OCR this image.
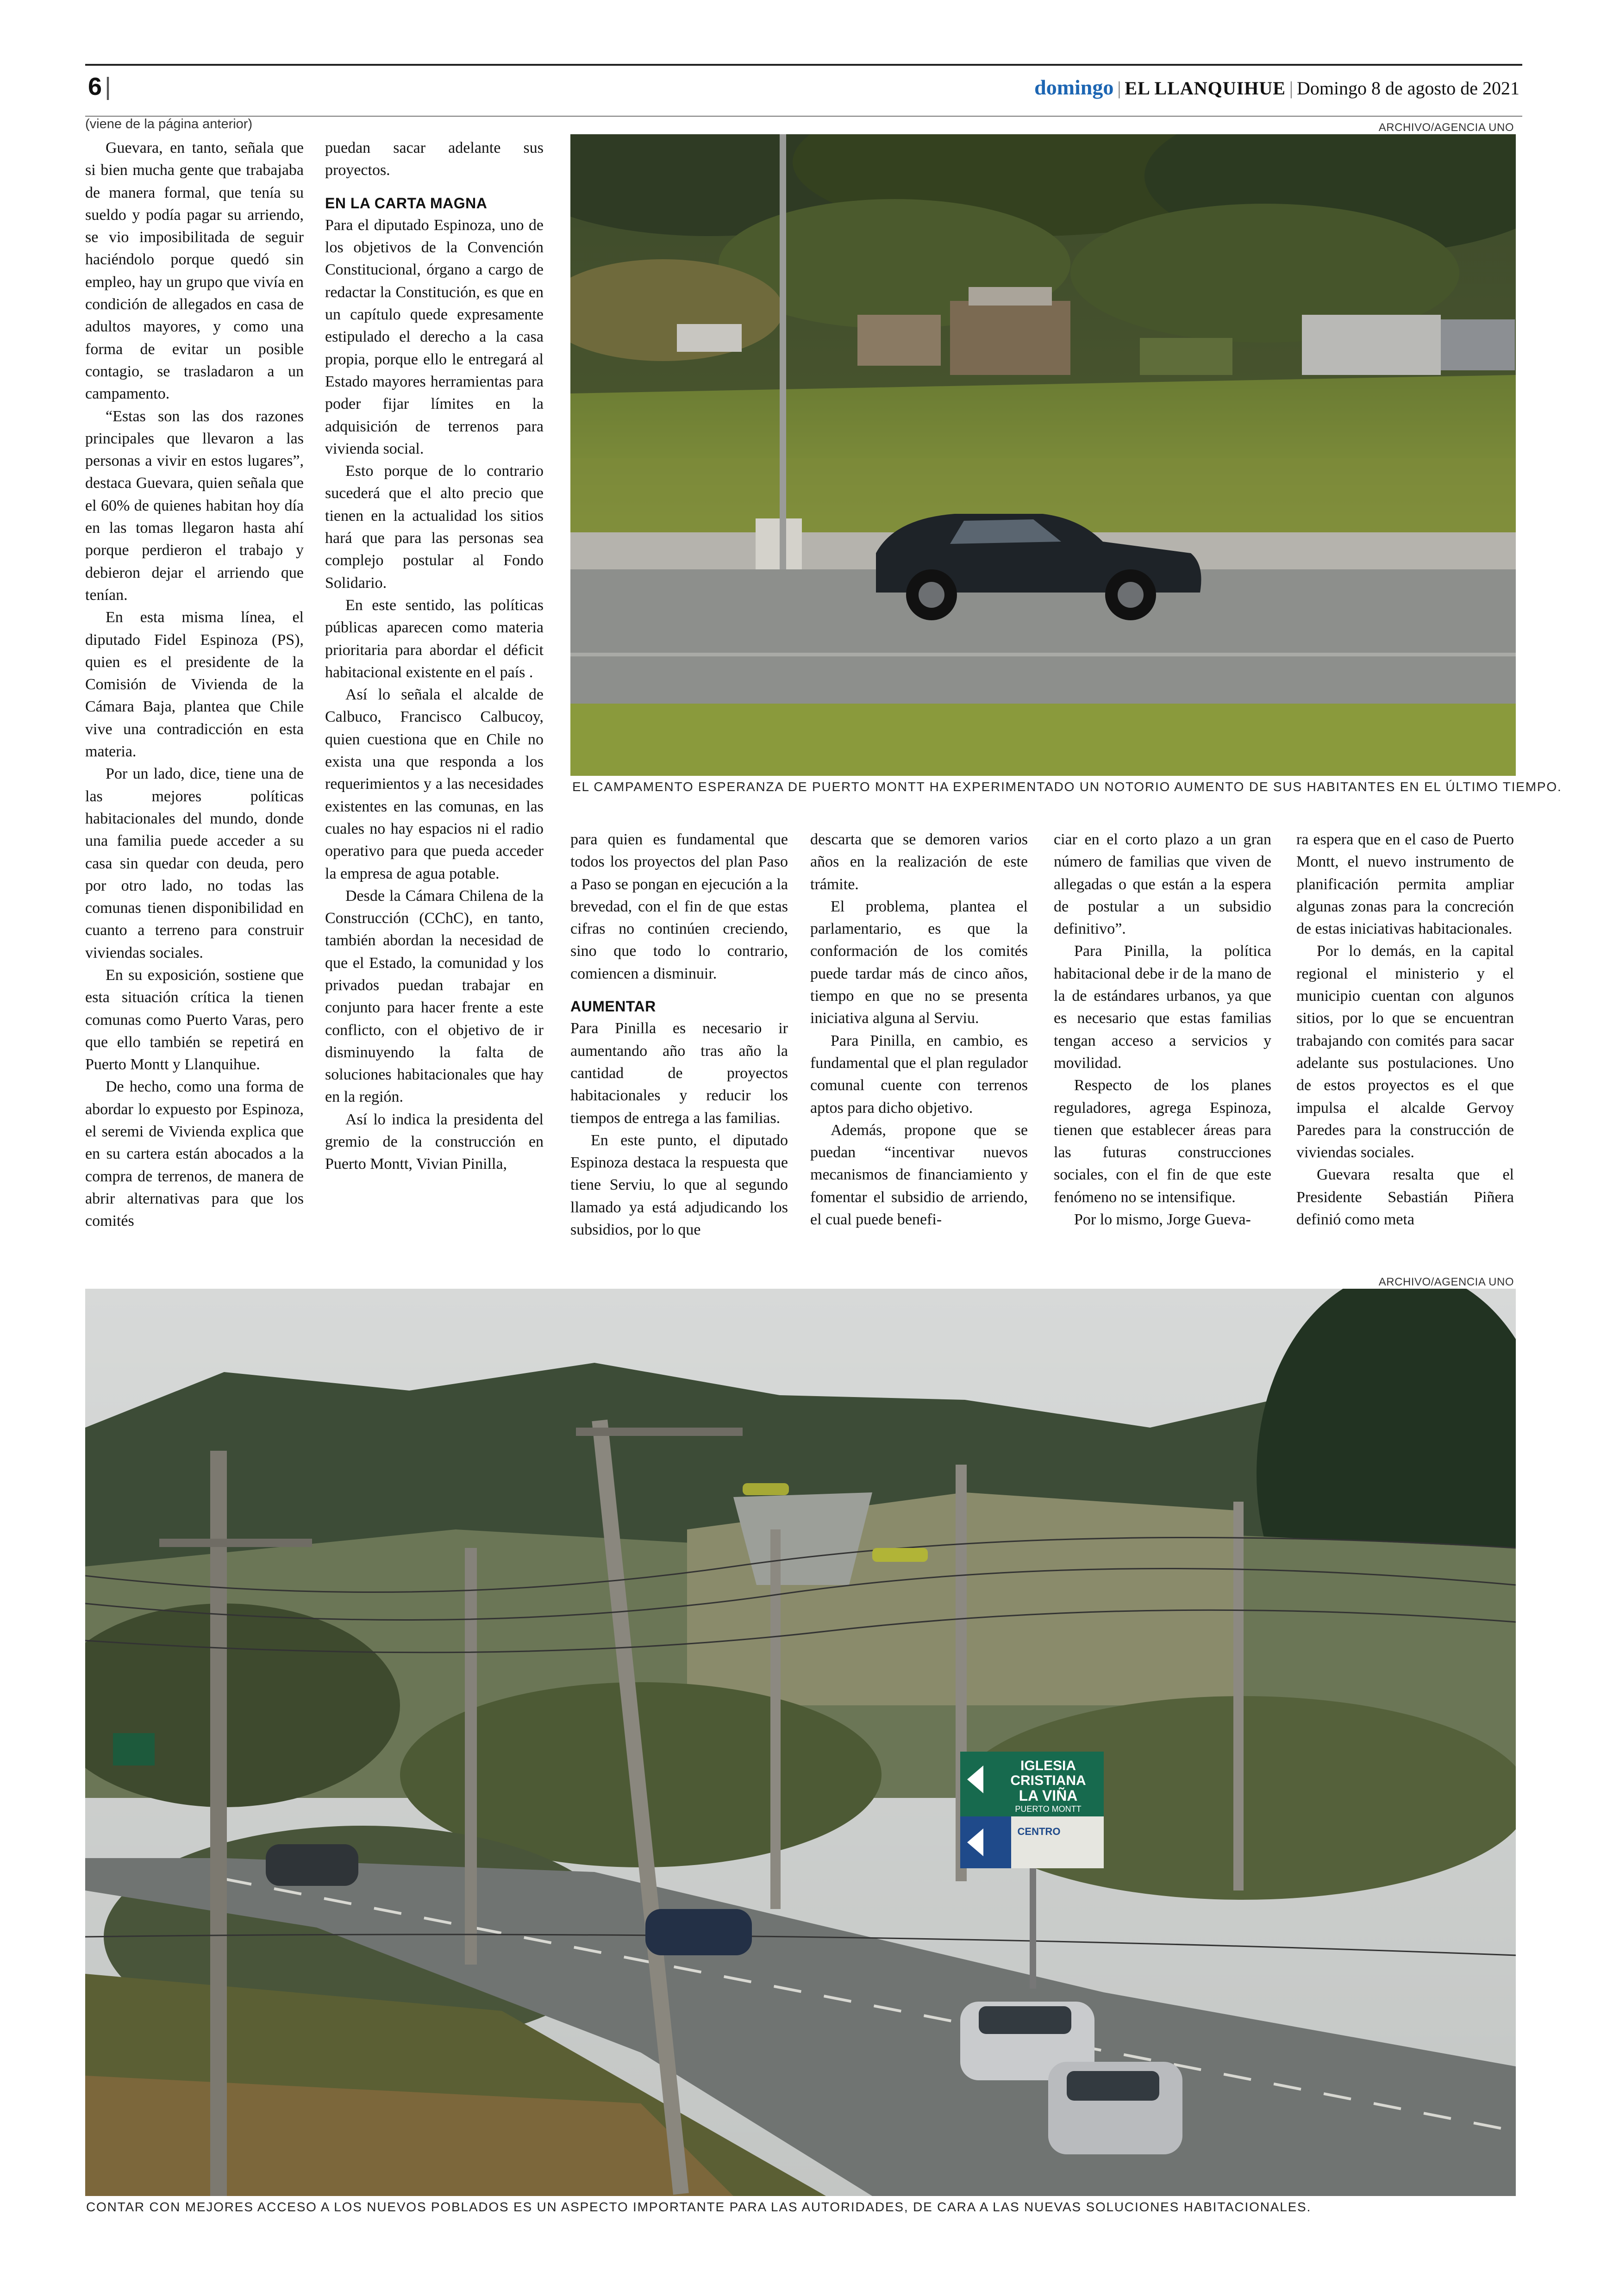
6 |	domingo | EL LLANQUIHUE | Domingo 8 de agosto de 2021
(viene de la página anterior)	ARCHIVO/AGENCIA UNO
EL CAMPAMENTO ESPERANZA DE PUERTO MONTT HA EXPERIMENTADO UN NOTORIO AUMENTO DE SUS HABITANTES EN EL ÚLTIMO TIEMPO.

Guevara, en tanto, señala que si bien mucha gente que trabajaba de manera formal, que tenía su sueldo y podía pagar su arriendo, se vio imposibilitada de seguir haciéndolo porque quedó sin empleo, hay un grupo que vivía en condición de allegados en casa de adultos mayores, y como una forma de evitar un posible contagio, se trasladaron a un campamento.

“Estas son las dos razones principales que llevaron a las personas a vivir en estos lugares”, destaca Guevara, quien señala que el 60% de quienes habitan hoy día en las tomas llegaron hasta ahí porque perdieron el trabajo y debieron dejar el arriendo que tenían.

En esta misma línea, el diputado Fidel Espinoza (PS), quien es el presidente de la Comisión de Vivienda de la Cámara Baja, plantea que Chile vive una contradicción en esta materia.

Por un lado, dice, tiene una de las mejores políticas habitacionales del mundo, donde una familia puede acceder a su casa sin quedar con deuda, pero por otro lado, no todas las comunas tienen disponibilidad en cuanto a terreno para construir viviendas sociales.

En su exposición, sostiene que esta situación crítica la tienen comunas como Puerto Varas, pero que ello también se repetirá en Puerto Montt y Llanquihue.

De hecho, como una forma de abordar lo expuesto por Espinoza, el seremi de Vivienda explica que en su cartera están abocados a la compra de terrenos, de manera de abrir alternativas para que los comités

puedan sacar adelante sus proyectos.

EN LA CARTA MAGNA

Para el diputado Espinoza, uno de los objetivos de la Convención Constitucional, órgano a cargo de redactar la Constitución, es que en un capítulo quede expresamente estipulado el derecho a la casa propia, porque ello le entregará al Estado mayores herramientas para poder fijar límites en la adquisición de terrenos para vivienda social.

Esto porque de lo contrario sucederá que el alto precio que tienen en la actualidad los sitios hará que para las personas sea complejo postular al Fondo Solidario.

En este sentido, las políticas públicas aparecen como materia prioritaria para abordar el déficit habitacional existente en el país .

Así lo señala el alcalde de Calbuco, Francisco Calbucoy, quien cuestiona que en Chile no exista una que responda a los requerimientos y a las necesidades existentes en las comunas, en las cuales no hay espacios ni el radio operativo para que pueda acceder la empresa de agua potable.

Desde la Cámara Chilena de la Construcción (CChC), en tanto, también abordan la necesidad de que el Estado, la comunidad y los privados puedan trabajar en conjunto para hacer frente a este conflicto, con el objetivo de ir disminuyendo la falta de soluciones habitacionales que hay en la región.

Así lo indica la presidenta del gremio de la construcción en Puerto Montt, Vivian Pinilla,

para quien es fundamental que todos los proyectos del plan Paso a Paso se pongan en ejecución a la brevedad, con el fin de que estas cifras no continúen creciendo, sino que todo lo contrario, comiencen a disminuir.

AUMENTAR

Para Pinilla es necesario ir aumentando año tras año la cantidad de proyectos habitacionales y reducir los tiempos de entrega a las familias.

En este punto, el diputado Espinoza destaca la respuesta que tiene Serviu, lo que al segundo llamado ya está adjudicando los subsidios, por lo que

descarta que se demoren varios años en la realización de este trámite.

El problema, plantea el parlamentario, es que la conformación de los comités puede tardar más de cinco años, tiempo en que no se presenta iniciativa alguna al Serviu.

Para Pinilla, en cambio, es fundamental que el plan regulador comunal cuente con terrenos aptos para dicho objetivo.

Además, propone que se puedan “incentivar nuevos mecanismos de financiamiento y fomentar el subsidio de arriendo, el cual puede benefi-

ciar en el corto plazo a un gran número de familias que viven de allegadas o que están a la espera de postular a un subsidio definitivo”.

Para Pinilla, la política habitacional debe ir de la mano de la de estándares urbanos, ya que es necesario que estas familias tengan acceso a servicios y movilidad.

Respecto de los planes reguladores, agrega Espinoza, tienen que establecer áreas para las futuras construcciones sociales, con el fin de que este fenómeno no se intensifique.

Por lo mismo, Jorge Gueva-

ra espera que en el caso de Puerto Montt, el nuevo instrumento de planificación permita ampliar algunas zonas para la concreción de estas iniciativas habitacionales.

Por lo demás, en la capital regional el ministerio y el municipio cuentan con algunos sitios, por lo que se encuentran trabajando con comités para sacar adelante sus postulaciones. Uno de estos proyectos es el que impulsa el alcalde Gervoy Paredes para la construcción de viviendas sociales.

Guevara resalta que el Presidente Sebastián Piñera definió como meta

ARCHIVO/AGENCIA UNO
IGLESIA
CRISTIANA
LA VIÑA
PUERTO MONTT
CENTRO
CONTAR CON MEJORES ACCESO A LOS NUEVOS POBLADOS ES UN ASPECTO IMPORTANTE PARA LAS AUTORIDADES, DE CARA A LAS NUEVAS SOLUCIONES HABITACIONALES.
